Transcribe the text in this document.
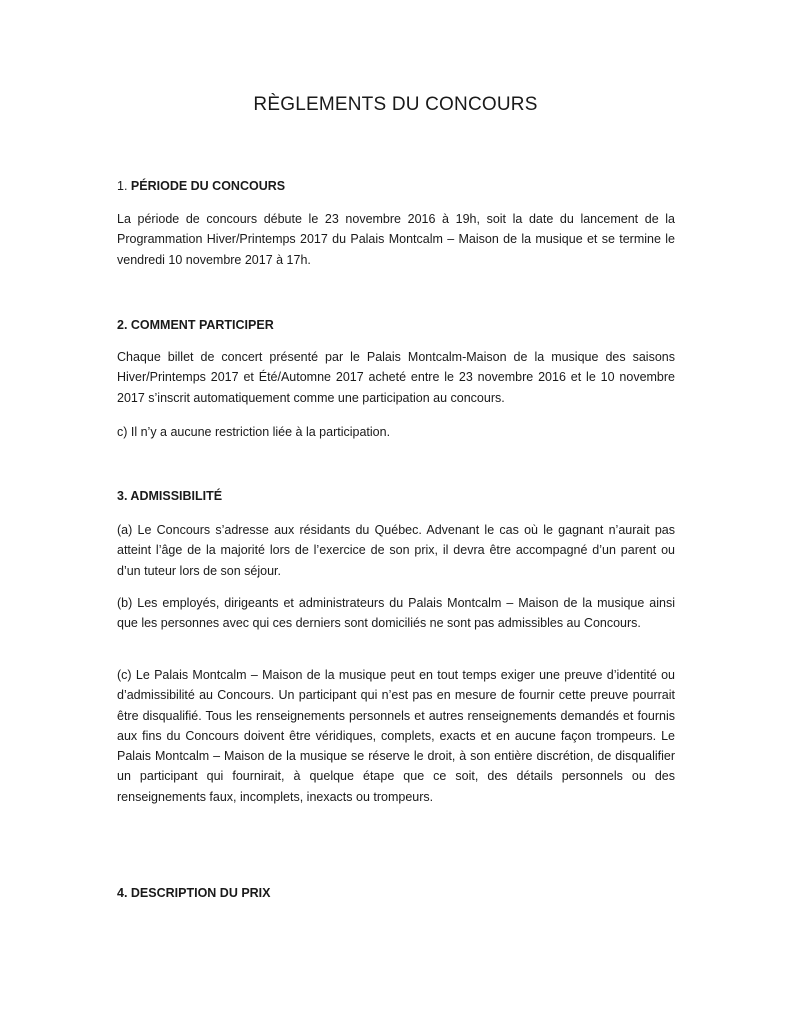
RÈGLEMENTS DU CONCOURS
1. PÉRIODE DU CONCOURS

La période de concours débute le 23 novembre 2016 à 19h, soit la date du lancement de la Programmation Hiver/Printemps 2017 du Palais Montcalm – Maison de la musique et se termine le vendredi 10 novembre 2017 à 17h.

2. COMMENT PARTICIPER

Chaque billet de concert présenté par le Palais Montcalm-Maison de la musique des saisons Hiver/Printemps 2017 et Été/Automne 2017 acheté entre le 23 novembre 2016 et le 10 novembre 2017 s’inscrit automatiquement comme une participation au concours.

c) Il n’y a aucune restriction liée à la participation.

3. ADMISSIBILITÉ

(a) Le Concours s’adresse aux résidants du Québec. Advenant le cas où le gagnant n’aurait pas atteint l’âge de la majorité lors de l’exercice de son prix, il devra être accompagné d’un parent ou d’un tuteur lors de son séjour.

(b) Les employés, dirigeants et administrateurs du Palais Montcalm – Maison de la musique ainsi que les personnes avec qui ces derniers sont domiciliés ne sont pas admissibles au Concours.

(c) Le Palais Montcalm – Maison de la musique peut en tout temps exiger une preuve d’identité ou d’admissibilité au Concours. Un participant qui n’est pas en mesure de fournir cette preuve pourrait être disqualifié. Tous les renseignements personnels et autres renseignements demandés et fournis aux fins du Concours doivent être véridiques, complets, exacts et en aucune façon trompeurs. Le Palais Montcalm – Maison de la musique se réserve le droit, à son entière discrétion, de disqualifier un participant qui fournirait, à quelque étape que ce soit, des détails personnels ou des renseignements faux, incomplets, inexacts ou trompeurs.

4. DESCRIPTION DU PRIX
